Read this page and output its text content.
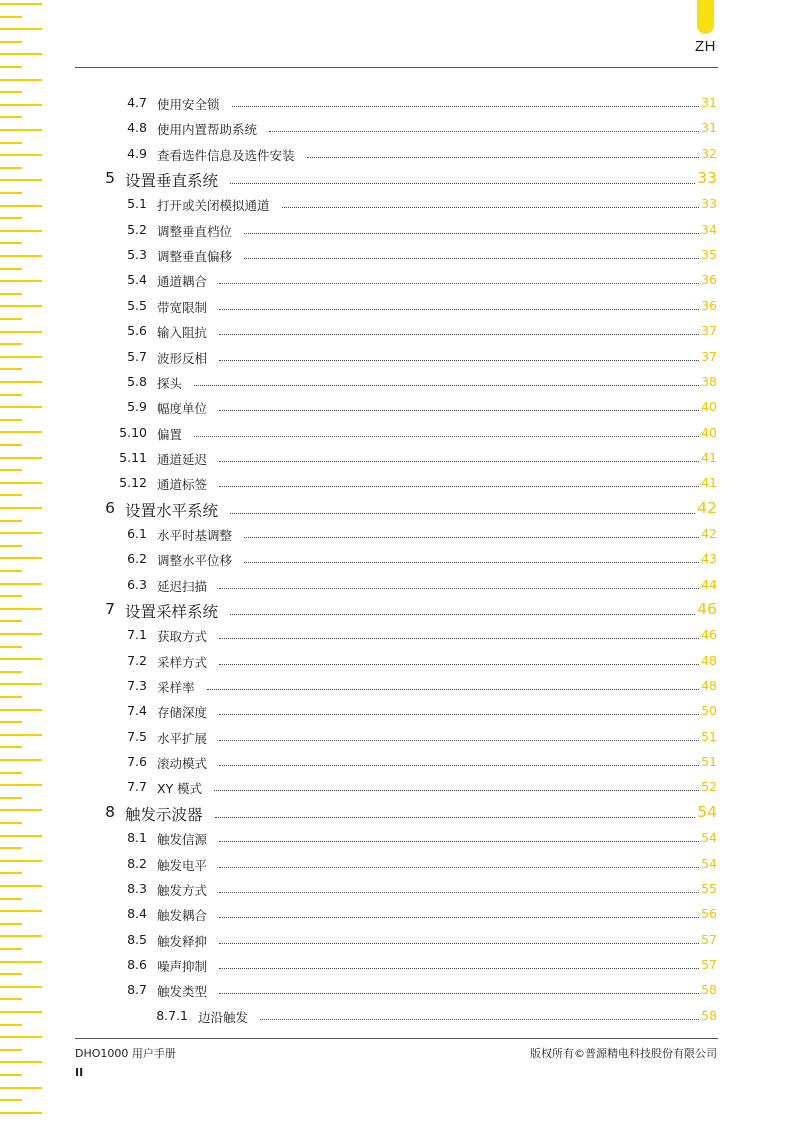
ZH
4.7 使用安全锁	31
4.8 使用内置帮助系统	31
4.9 查看选件信息及选件安装	32
5 设置垂直系统	33
5.1 打开或关闭模拟通道	33
5.2 调整垂直档位	34
5.3 调整垂直偏移	35
5.4 通道耦合	36
5.5 带宽限制	36
5.6 输入阻抗	37
5.7 波形反相	37
5.8 探头	38
5.9 幅度单位	40
5.10 偏置	40
5.11 通道延迟	41
5.12 通道标签	41
6 设置水平系统	42
6.1 水平时基调整	42
6.2 调整水平位移	43
6.3 延迟扫描	44
7 设置采样系统	46
7.1 获取方式	46
7.2 采样方式	48
7.3 采样率	48
7.4 存储深度	50
7.5 水平扩展	51
7.6 滚动模式	51
7.7 XY 模式	52
8 触发示波器	54
8.1 触发信源	54
8.2 触发电平	54
8.3 触发方式	55
8.4 触发耦合	56
8.5 触发释抑	57
8.6 噪声抑制	57
8.7 触发类型	58
8.7.1 边沿触发	58
DHO1000 用户手册	版权所有©普源精电科技股份有限公司
II
